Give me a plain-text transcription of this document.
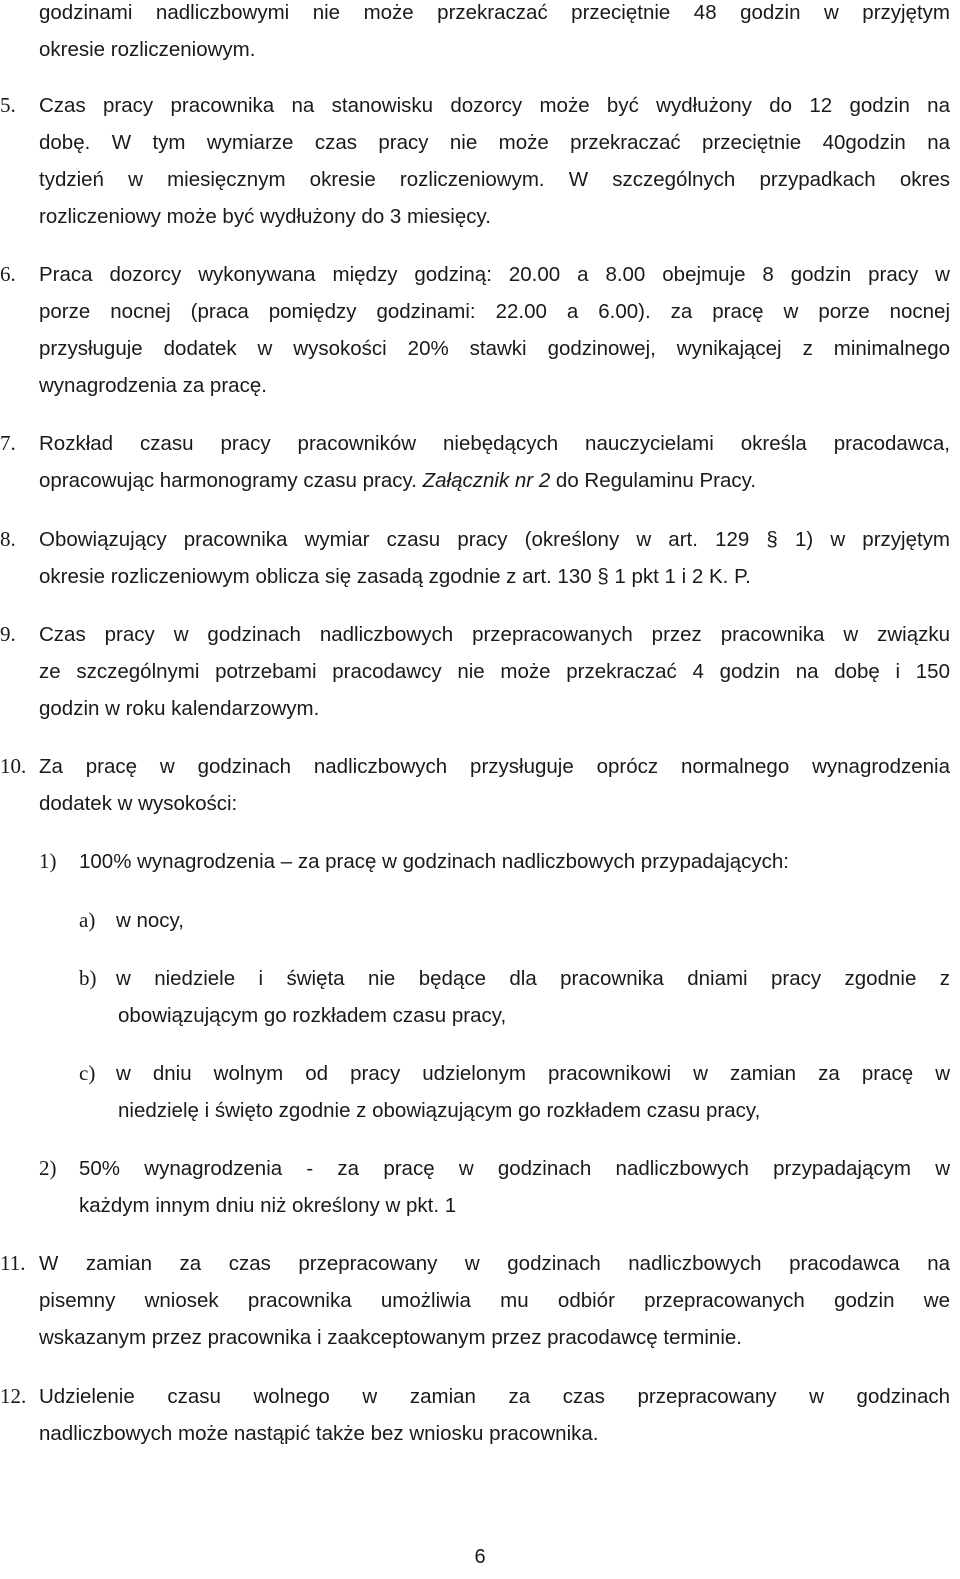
godzinami nadliczbowymi nie może przekraczać przeciętnie 48 godzin w przyjętym
okresie rozliczeniowym.
5. Czas pracy pracownika na stanowisku dozorcy może być wydłużony do 12 godzin na
dobę. W tym wymiarze czas pracy nie może przekraczać przeciętnie 40godzin na
tydzień w miesięcznym okresie rozliczeniowym. W szczególnych przypadkach okres
rozliczeniowy może być wydłużony do 3 miesięcy.
6. Praca dozorcy wykonywana między godziną: 20.00 a 8.00 obejmuje 8 godzin pracy w
porze nocnej (praca pomiędzy godzinami: 22.00 a 6.00). za pracę w porze nocnej
przysługuje dodatek w wysokości 20% stawki godzinowej, wynikającej z minimalnego
wynagrodzenia za pracę.
7. Rozkład czasu pracy pracowników niebędących nauczycielami określa pracodawca,
opracowując harmonogramy czasu pracy. Załącznik nr 2 do Regulaminu Pracy.
8. Obowiązujący pracownika wymiar czasu pracy (określony w art. 129 § 1) w przyjętym
okresie rozliczeniowym oblicza się zasadą zgodnie z art. 130 § 1 pkt 1 i 2 K. P.
9. Czas pracy w godzinach nadliczbowych przepracowanych przez pracownika w związku
ze szczególnymi potrzebami pracodawcy nie może przekraczać 4 godzin na dobę i 150
godzin w roku kalendarzowym.
10. Za pracę w godzinach nadliczbowych przysługuje oprócz normalnego wynagrodzenia
dodatek w wysokości:
1) 100% wynagrodzenia – za pracę w godzinach nadliczbowych przypadających:
a) w nocy,
b) w niedziele i święta nie będące dla pracownika dniami pracy zgodnie z
obowiązującym go rozkładem czasu pracy,
c) w dniu wolnym od pracy udzielonym pracownikowi w zamian za pracę w
niedzielę i święto zgodnie z obowiązującym go rozkładem czasu pracy,
2) 50% wynagrodzenia - za pracę w godzinach nadliczbowych przypadającym w
każdym innym dniu niż określony w pkt. 1
11. W zamian za czas przepracowany w godzinach nadliczbowych pracodawca na
pisemny wniosek pracownika umożliwia mu odbiór przepracowanych godzin we
wskazanym przez pracownika i zaakceptowanym przez pracodawcę terminie.
12. Udzielenie czasu wolnego w zamian za czas przepracowany w godzinach
nadliczbowych może nastąpić także bez wniosku pracownika.
6
